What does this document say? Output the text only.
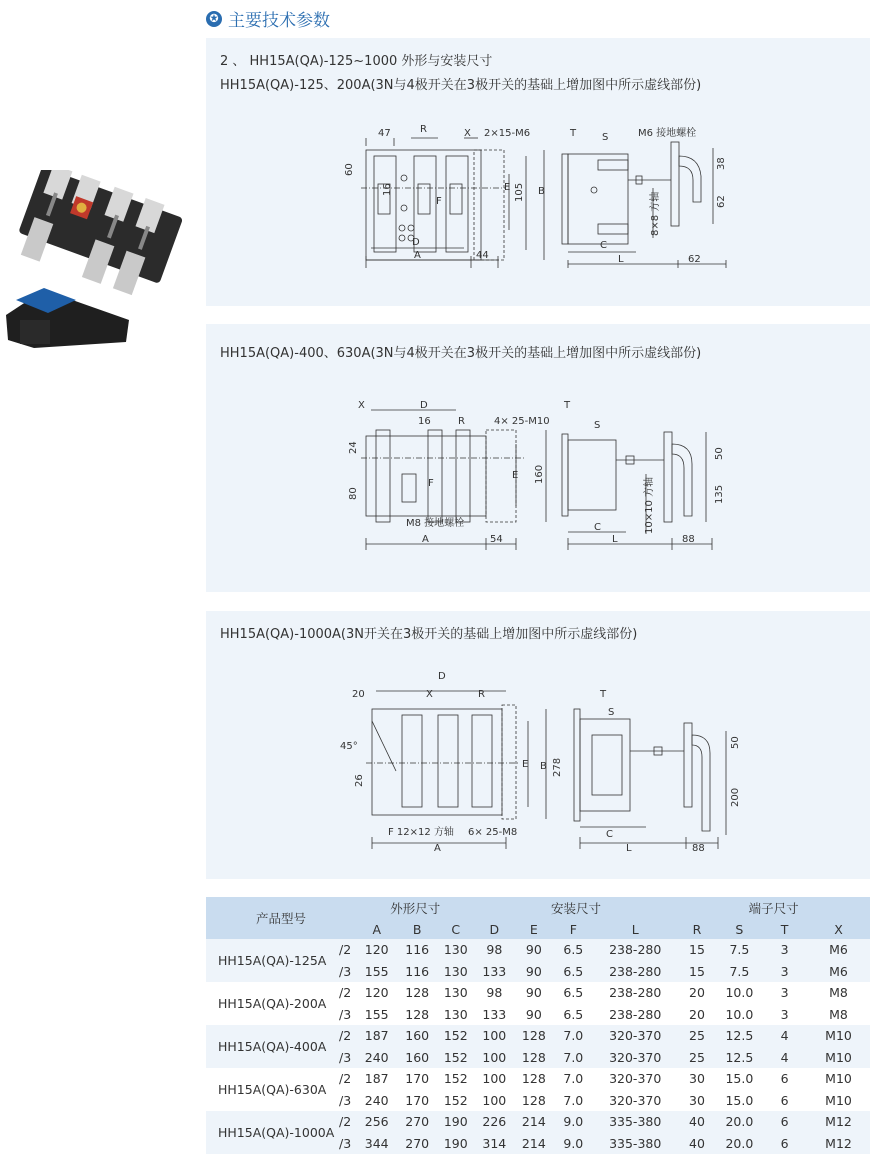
✪ 主要技术参数
2 、 HH15A(QA)-125~1000 外形与安装尺寸
HH15A(QA)-125、200A(3N与4极开关在3极开关的基础上增加图中所示虚线部份)
47	R	X 2×15-M6	T	S	M6 接地螺栓
60
16
F
E 105 B
D
A	44
C
L	62
38
62
8×8 方轴
HH15A(QA)-400、630A(3N与4极开关在3极开关的基础上增加图中所示虚线部份)
X	D
16	R	4× 25-M10
T
S
24
E 160
80
F
M8 接地螺栓
A	54
C
L	88
50
135
10×10 方轴
HH15A(QA)-1000A(3N开关在3极开关的基础上增加图中所示虚线部份)
D
20	X	R	T
S
45°
E B 278
26
F 12×12 方轴 6× 25-M8
A
C
L	88
50
200
产品型号		外形尺寸			安装尺寸				端子尺寸			
		A	B	C	D	E	F	L	R	S	T	X
HH15A(QA)-125A	/2	120	116	130	98	90	6.5	238-280	15	7.5	3	M6
	/3	155	116	130	133	90	6.5	238-280	15	7.5	3	M6
HH15A(QA)-200A	/2	120	128	130	98	90	6.5	238-280	20	10.0	3	M8
	/3	155	128	130	133	90	6.5	238-280	20	10.0	3	M8
HH15A(QA)-400A	/2	187	160	152	100	128	7.0	320-370	25	12.5	4	M10
	/3	240	160	152	100	128	7.0	320-370	25	12.5	4	M10
HH15A(QA)-630A	/2	187	170	152	100	128	7.0	320-370	30	15.0	6	M10
	/3	240	170	152	100	128	7.0	320-370	30	15.0	6	M10
HH15A(QA)-1000A	/2	256	270	190	226	214	9.0	335-380	40	20.0	6	M12
	/3	344	270	190	314	214	9.0	335-380	40	20.0	6	M12
